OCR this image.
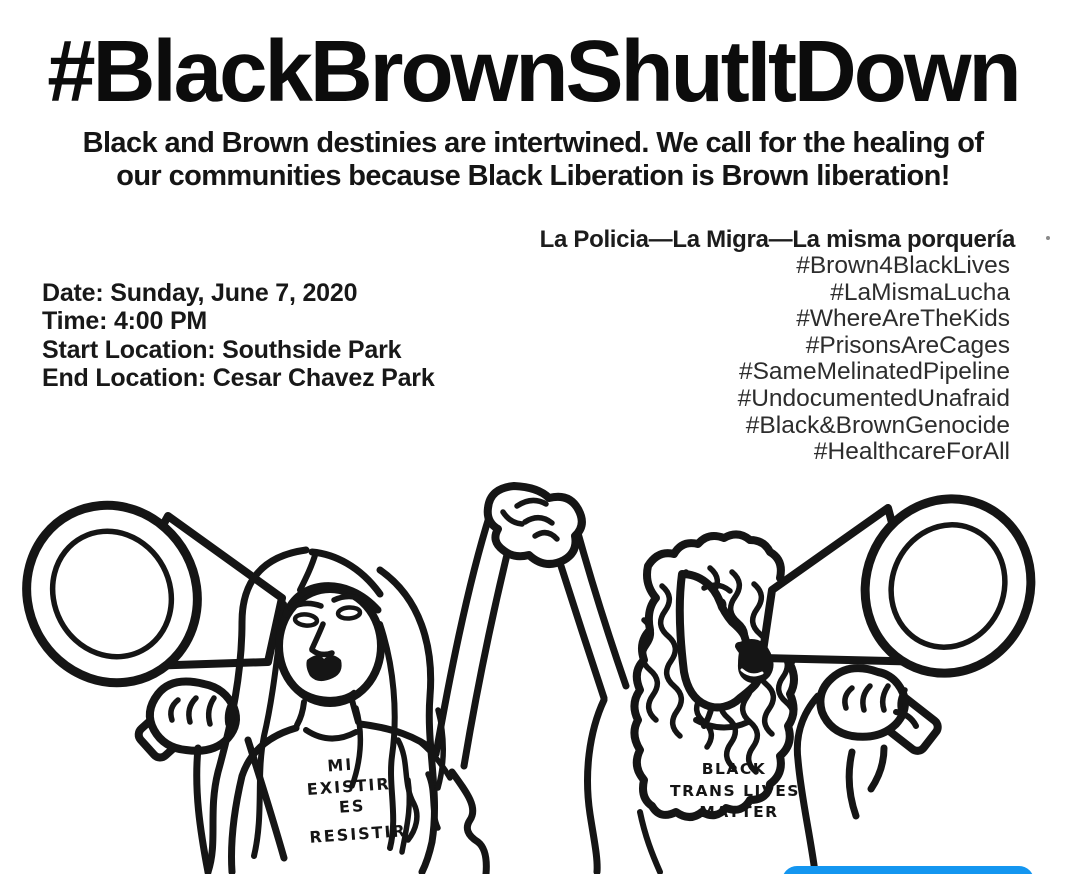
#BlackBrownShutItDown
Black and Brown destinies are intertwined. We call for the healing of
our communities because Black Liberation is Brown liberation!
Date: Sunday, June 7, 2020
Time: 4:00 PM
Start Location: Southside Park
End Location: Cesar Chavez Park
La Policia—La Migra—La misma porquería
#Brown4BlackLives
#LaMismaLucha
#WhereAreTheKids
#PrisonsAreCages
#SameMelinatedPipeline
#UndocumentedUnafraid
#Black&BrownGenocide
#HealthcareForAll
MI
EXISTIR
ES
RESISTIR
BLACK
TRANS LIVES
MATTER
